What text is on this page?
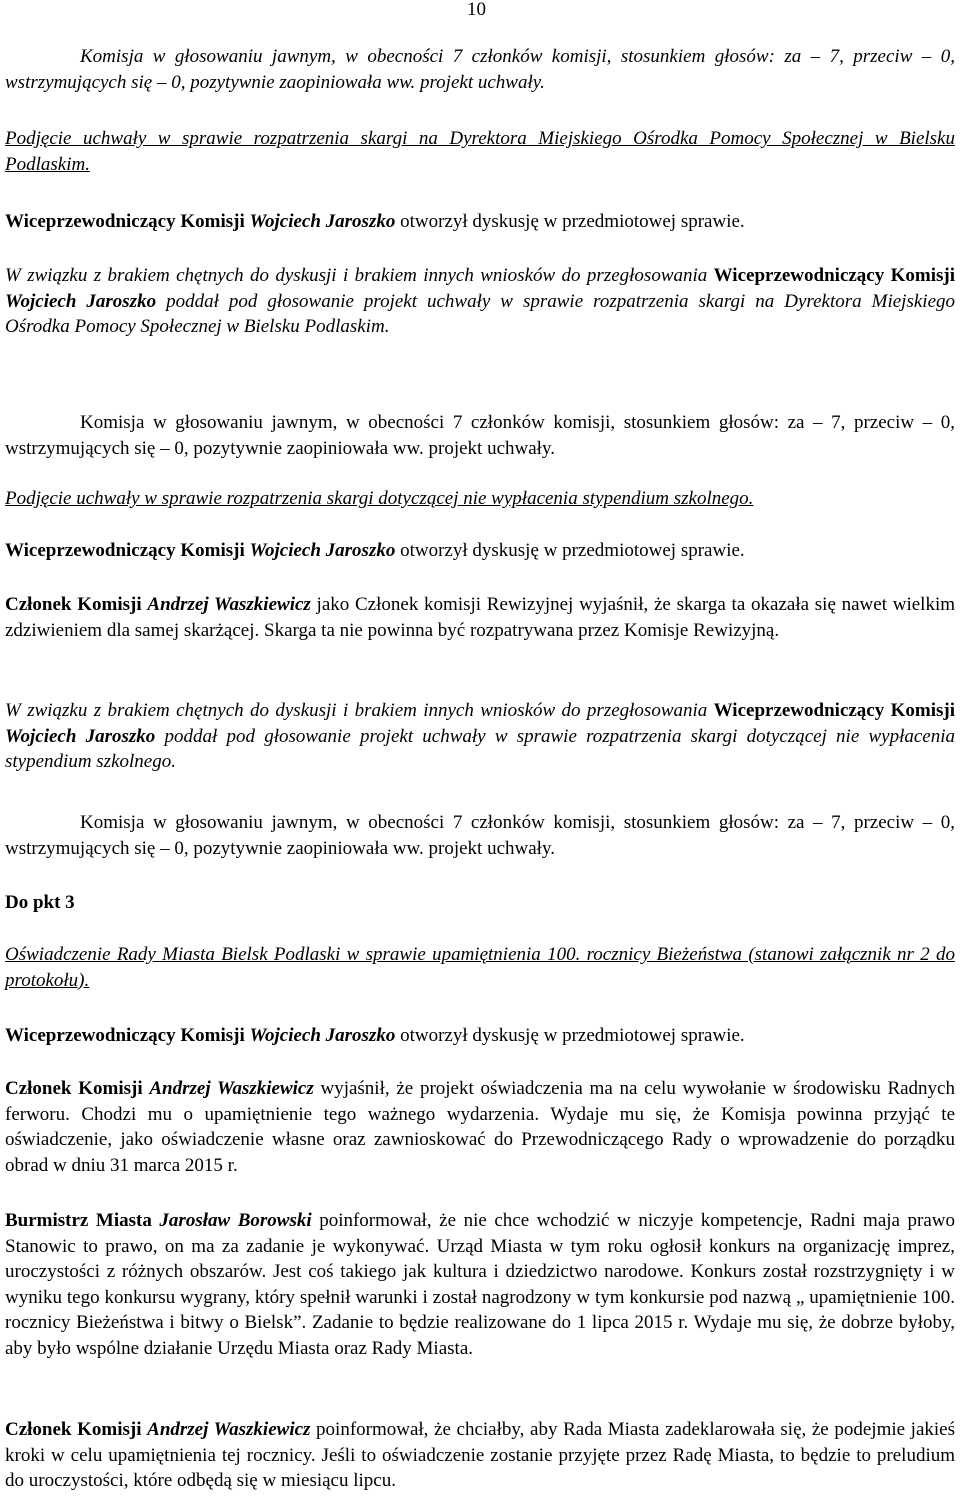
10

Komisja w głosowaniu jawnym, w obecności 7 członków komisji, stosunkiem głosów: za – 7, przeciw – 0, wstrzymujących się – 0, pozytywnie zaopiniowała ww. projekt uchwały.

Podjęcie uchwały w sprawie rozpatrzenia skargi na Dyrektora Miejskiego Ośrodka Pomocy Społecznej w Bielsku Podlaskim.

Wiceprzewodniczący Komisji Wojciech Jaroszko otworzył dyskusję w przedmiotowej sprawie.

W związku z brakiem chętnych do dyskusji i brakiem innych wniosków do przegłosowania Wiceprzewodniczący Komisji Wojciech Jaroszko poddał pod głosowanie projekt uchwały w sprawie rozpatrzenia skargi na Dyrektora Miejskiego Ośrodka Pomocy Społecznej w Bielsku Podlaskim.

Komisja w głosowaniu jawnym, w obecności 7 członków komisji, stosunkiem głosów: za – 7, przeciw – 0, wstrzymujących się – 0, pozytywnie zaopiniowała ww. projekt uchwały.

Podjęcie uchwały w sprawie rozpatrzenia skargi dotyczącej nie wypłacenia stypendium szkolnego.

Wiceprzewodniczący Komisji Wojciech Jaroszko otworzył dyskusję w przedmiotowej sprawie.

Członek Komisji Andrzej Waszkiewicz jako Członek komisji Rewizyjnej wyjaśnił, że skarga ta okazała się nawet wielkim zdziwieniem dla samej skarżącej. Skarga ta nie powinna być rozpatrywana przez Komisje Rewizyjną.

W związku z brakiem chętnych do dyskusji i brakiem innych wniosków do przegłosowania Wiceprzewodniczący Komisji Wojciech Jaroszko poddał pod głosowanie projekt uchwały w sprawie rozpatrzenia skargi dotyczącej nie wypłacenia stypendium szkolnego.

Komisja w głosowaniu jawnym, w obecności 7 członków komisji, stosunkiem głosów: za – 7, przeciw – 0, wstrzymujących się – 0, pozytywnie zaopiniowała ww. projekt uchwały.

Do pkt 3

Oświadczenie Rady Miasta Bielsk Podlaski w sprawie upamiętnienia 100. rocznicy Bieżeństwa (stanowi załącznik nr 2 do protokołu).

Wiceprzewodniczący Komisji Wojciech Jaroszko otworzył dyskusję w przedmiotowej sprawie.

Członek Komisji Andrzej Waszkiewicz wyjaśnił, że projekt oświadczenia ma na celu wywołanie w środowisku Radnych ferworu. Chodzi mu o upamiętnienie tego ważnego wydarzenia. Wydaje mu się, że Komisja powinna przyjąć te oświadczenie, jako oświadczenie własne oraz zawnioskować do Przewodniczącego Rady o wprowadzenie do porządku obrad w dniu 31 marca 2015 r.

Burmistrz Miasta Jarosław Borowski poinformował, że nie chce wchodzić w niczyje kompetencje, Radni maja prawo Stanowic to prawo, on ma za zadanie je wykonywać. Urząd Miasta w tym roku ogłosił konkurs na organizację imprez, uroczystości z różnych obszarów. Jest coś takiego jak kultura i dziedzictwo narodowe. Konkurs został rozstrzygnięty i w wyniku tego konkursu wygrany, który spełnił warunki i został nagrodzony w tym konkursie pod nazwą „ upamiętnienie 100. rocznicy Bieżeństwa i bitwy o Bielsk”. Zadanie to będzie realizowane do 1 lipca 2015 r. Wydaje mu się, że dobrze byłoby, aby było wspólne działanie Urzędu Miasta oraz Rady Miasta.

Członek Komisji Andrzej Waszkiewicz poinformował, że chciałby, aby Rada Miasta zadeklarowała się, że podejmie jakieś kroki w celu upamiętnienia tej rocznicy. Jeśli to oświadczenie zostanie przyjęte przez Radę Miasta, to będzie to preludium do uroczystości, które odbędą się w miesiącu lipcu.
